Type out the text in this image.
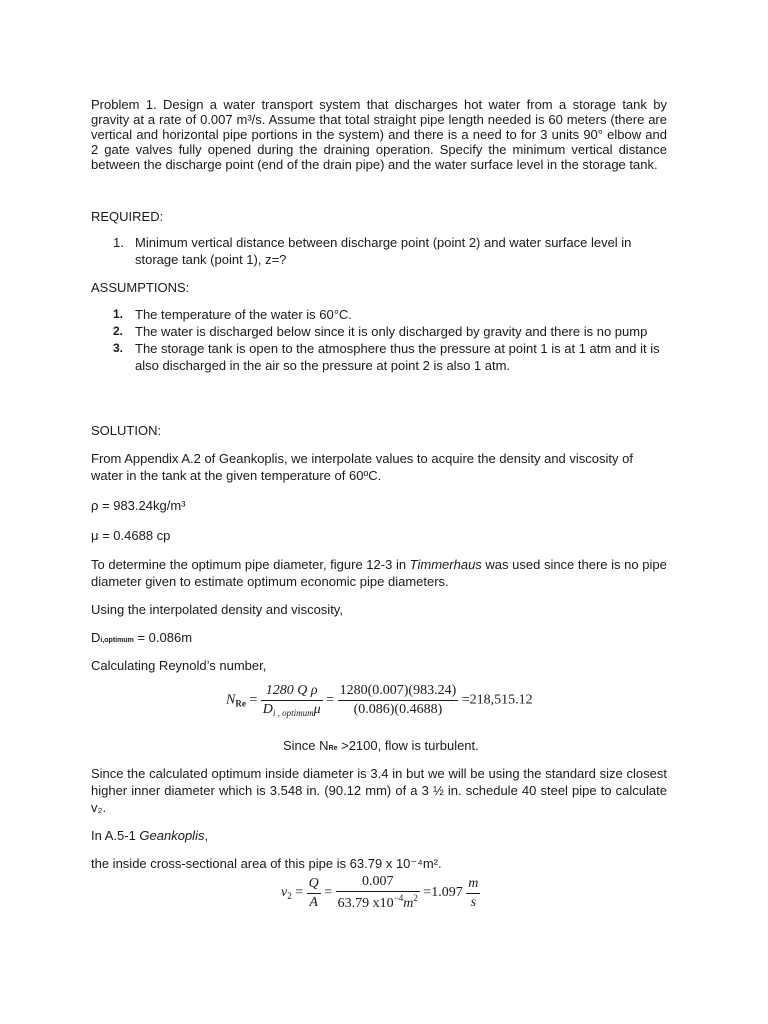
Problem 1. Design a water transport system that discharges hot water from a storage tank by gravity at a rate of 0.007 m³/s. Assume that total straight pipe length needed is 60 meters (there are vertical and horizontal pipe portions in the system) and there is a need to for 3 units 90° elbow and 2 gate valves fully opened during the draining operation. Specify the minimum vertical distance between the discharge point (end of the drain pipe) and the water surface level in the storage tank.
REQUIRED:
1. Minimum vertical distance between discharge point (point 2) and water surface level in storage tank (point 1), z=?
ASSUMPTIONS:
1. The temperature of the water is 60°C.
2. The water is discharged below since it is only discharged by gravity and there is no pump
3. The storage tank is open to the atmosphere thus the pressure at point 1 is at 1 atm and it is also discharged in the air so the pressure at point 2 is also 1 atm.
SOLUTION:
From Appendix A.2 of Geankoplis, we interpolate values to acquire the density and viscosity of water in the tank at the given temperature of 60ºC.
ρ = 983.24kg/m³
μ = 0.4688 cp
To determine the optimum pipe diameter, figure 12-3 in Timmerhaus was used since there is no pipe diameter given to estimate optimum economic pipe diameters.
Using the interpolated density and viscosity,
Di,optimum = 0.086m
Calculating Reynold’s number,
$N_{Re} = \frac{\text{1280 Q ρ}}{D_{i , optimum}\mu} = \frac{1280(0.007)(983.24)}{(0.086)(0.4688)} =218,515.12$
Since NRe >2100, flow is turbulent.
Since the calculated optimum inside diameter is 3.4 in but we will be using the standard size closest higher inner diameter which is 3.548 in. (90.12 mm) of a 3 ½ in. schedule 40 steel pipe to calculate v₂.
In A.5-1 Geankoplis,
the inside cross-sectional area of this pipe is 63.79 x 10⁻⁴m².
$v_2 = \frac{Q}{A} = \frac{0.007}{63.79 x10^{-4}m^2} =1.097 \frac{m}{s}$
